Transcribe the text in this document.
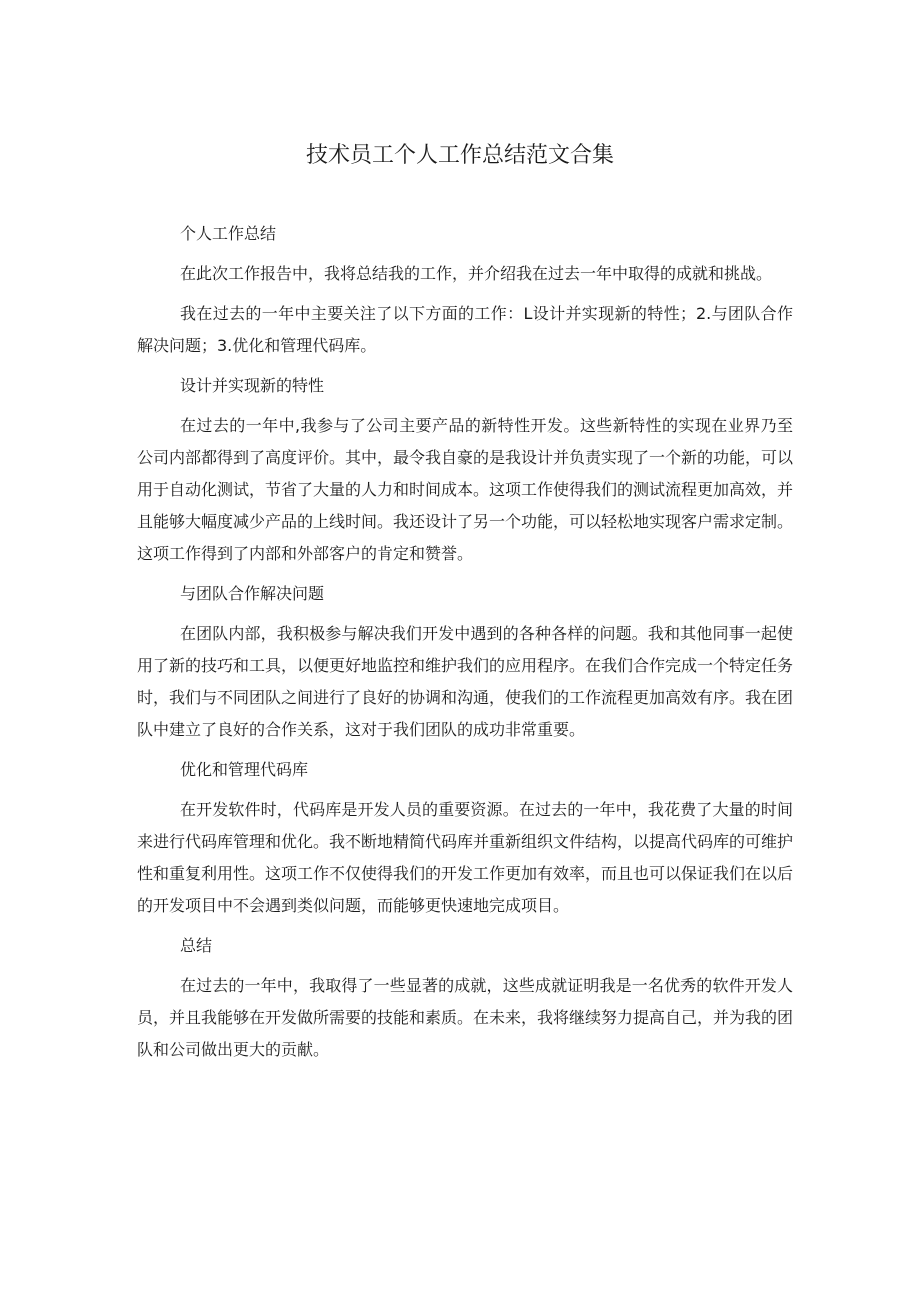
技术员工个人工作总结范文合集

个人工作总结

在此次工作报告中，我将总结我的工作，并介绍我在过去一年中取得的成就和挑战。

我在过去的一年中主要关注了以下方面的工作：L设计并实现新的特性；2.与团队合作解决问题；3.优化和管理代码库。

设计并实现新的特性

在过去的一年中,我参与了公司主要产品的新特性开发。这些新特性的实现在业界乃至公司内部都得到了高度评价。其中，最令我自豪的是我设计并负责实现了一个新的功能，可以用于自动化测试，节省了大量的人力和时间成本。这项工作使得我们的测试流程更加高效，并且能够大幅度减少产品的上线时间。我还设计了另一个功能，可以轻松地实现客户需求定制。这项工作得到了内部和外部客户的肯定和赞誉。

与团队合作解决问题

在团队内部，我积极参与解决我们开发中遇到的各种各样的问题。我和其他同事一起使用了新的技巧和工具，以便更好地监控和维护我们的应用程序。在我们合作完成一个特定任务时，我们与不同团队之间进行了良好的协调和沟通，使我们的工作流程更加高效有序。我在团队中建立了良好的合作关系，这对于我们团队的成功非常重要。

优化和管理代码库

在开发软件时，代码库是开发人员的重要资源。在过去的一年中，我花费了大量的时间来进行代码库管理和优化。我不断地精简代码库并重新组织文件结构，以提高代码库的可维护性和重复利用性。这项工作不仅使得我们的开发工作更加有效率，而且也可以保证我们在以后的开发项目中不会遇到类似问题，而能够更快速地完成项目。

总结

在过去的一年中，我取得了一些显著的成就，这些成就证明我是一名优秀的软件开发人员，并且我能够在开发做所需要的技能和素质。在未来，我将继续努力提高自己，并为我的团队和公司做出更大的贡献。
